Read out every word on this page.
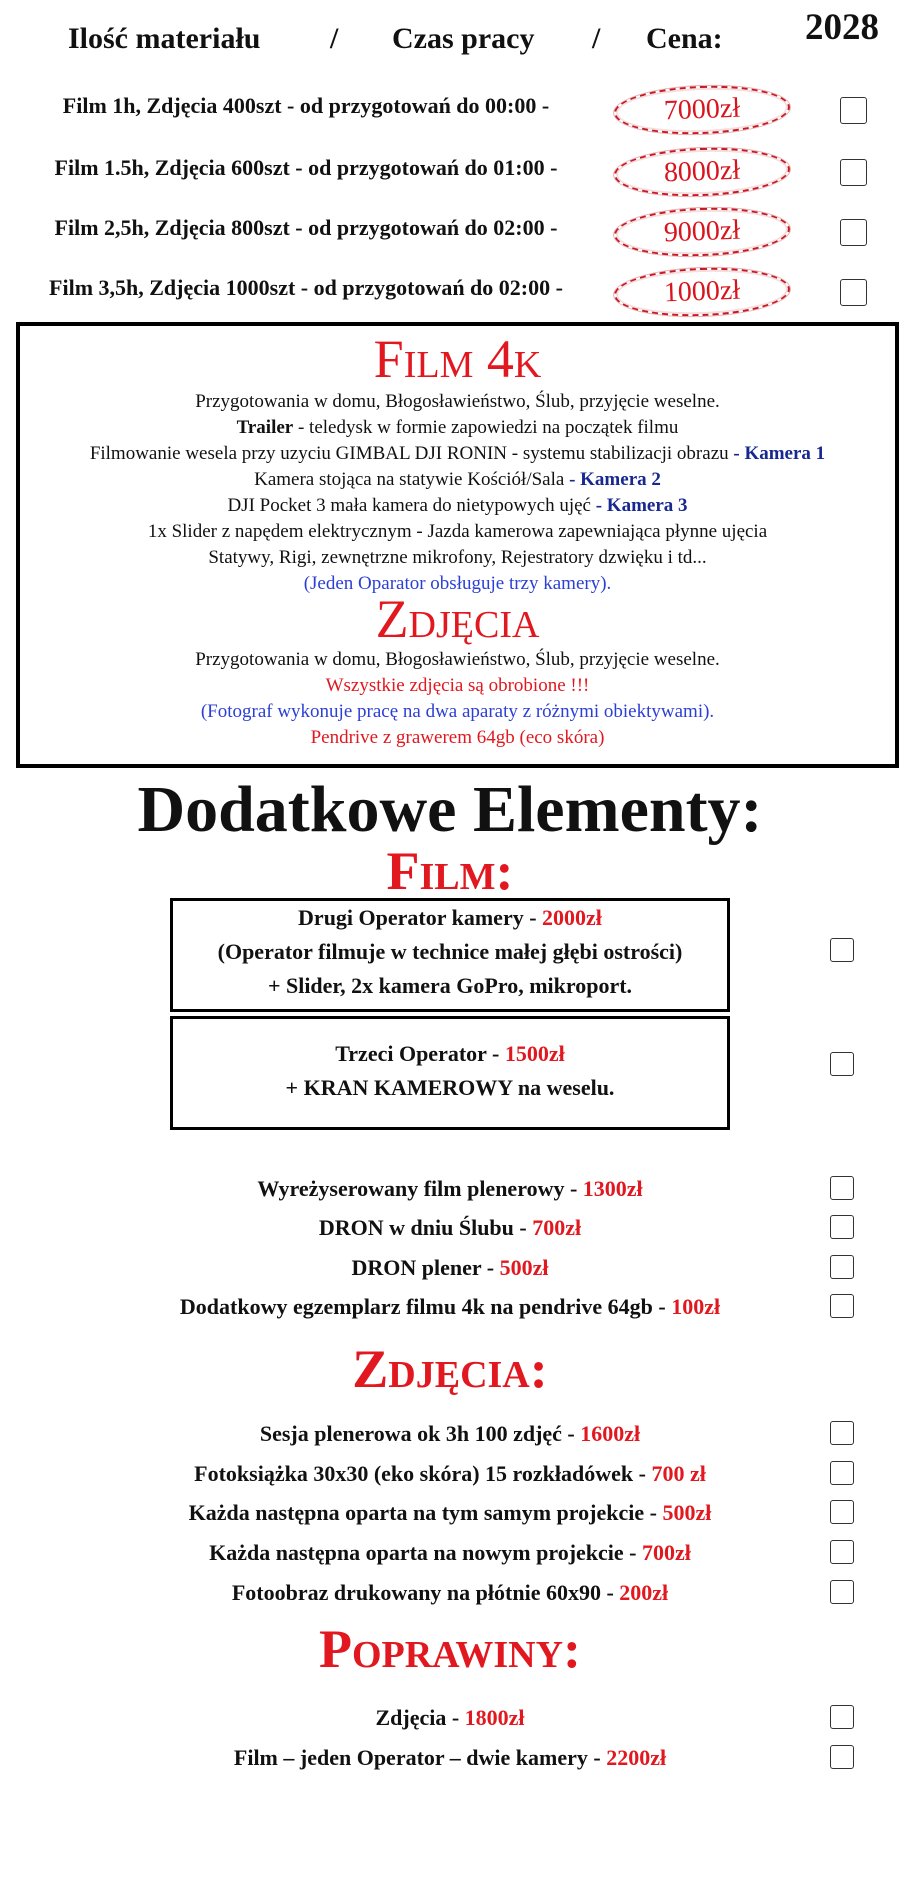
Ilość materiału / Czas pracy / Cena: 2028
Film 1h, Zdjęcia 400szt - od przygotowań do 00:00 -	7000zł
Film 1.5h, Zdjęcia 600szt - od przygotowań do 01:00 -	8000zł
Film 2,5h, Zdjęcia 800szt - od przygotowań do 02:00 -	9000zł
Film 3,5h, Zdjęcia 1000szt - od przygotowań do 02:00 -	1000zł
Film 4k
Przygotowania w domu, Błogosławieństwo, Ślub, przyjęcie weselne.
Trailer - teledysk w formie zapowiedzi na początek filmu
Filmowanie wesela przy uzyciu GIMBAL DJI RONIN - systemu stabilizacji obrazu - Kamera 1
Kamera stojąca na statywie Kościół/Sala - Kamera 2
DJI Pocket 3 mała kamera do nietypowych ujęć - Kamera 3
1x Slider z napędem elektrycznym - Jazda kamerowa zapewniająca płynne ujęcia
Statywy, Rigi, zewnętrzne mikrofony, Rejestratory dzwięku i td...
(Jeden Oparator obsługuje trzy kamery).
Zdjęcia
Przygotowania w domu, Błogosławieństwo, Ślub, przyjęcie weselne.
Wszystkie zdjęcia są obrobione !!!
(Fotograf wykonuje pracę na dwa aparaty z różnymi obiektywami).
Pendrive z grawerem 64gb (eco skóra)
Dodatkowe Elementy:
Film:
Drugi Operator kamery - 2000zł
(Operator filmuje w technice małej głębi ostrości)
+ Slider, 2x kamera GoPro, mikroport.
Trzeci Operator - 1500zł
+ KRAN KAMEROWY na weselu.
Wyreżyserowany film plenerowy - 1300zł
DRON w dniu Ślubu - 700zł
DRON plener - 500zł
Dodatkowy egzemplarz filmu 4k na pendrive 64gb - 100zł
Zdjęcia:
Sesja plenerowa ok 3h 100 zdjęć - 1600zł
Fotoksiążka 30x30 (eko skóra) 15 rozkładówek - 700 zł
Każda następna oparta na tym samym projekcie - 500zł
Każda następna oparta na nowym projekcie - 700zł
Fotoobraz drukowany na płótnie 60x90 - 200zł
Poprawiny:
Zdjęcia - 1800zł
Film – jeden Operator – dwie kamery - 2200zł
